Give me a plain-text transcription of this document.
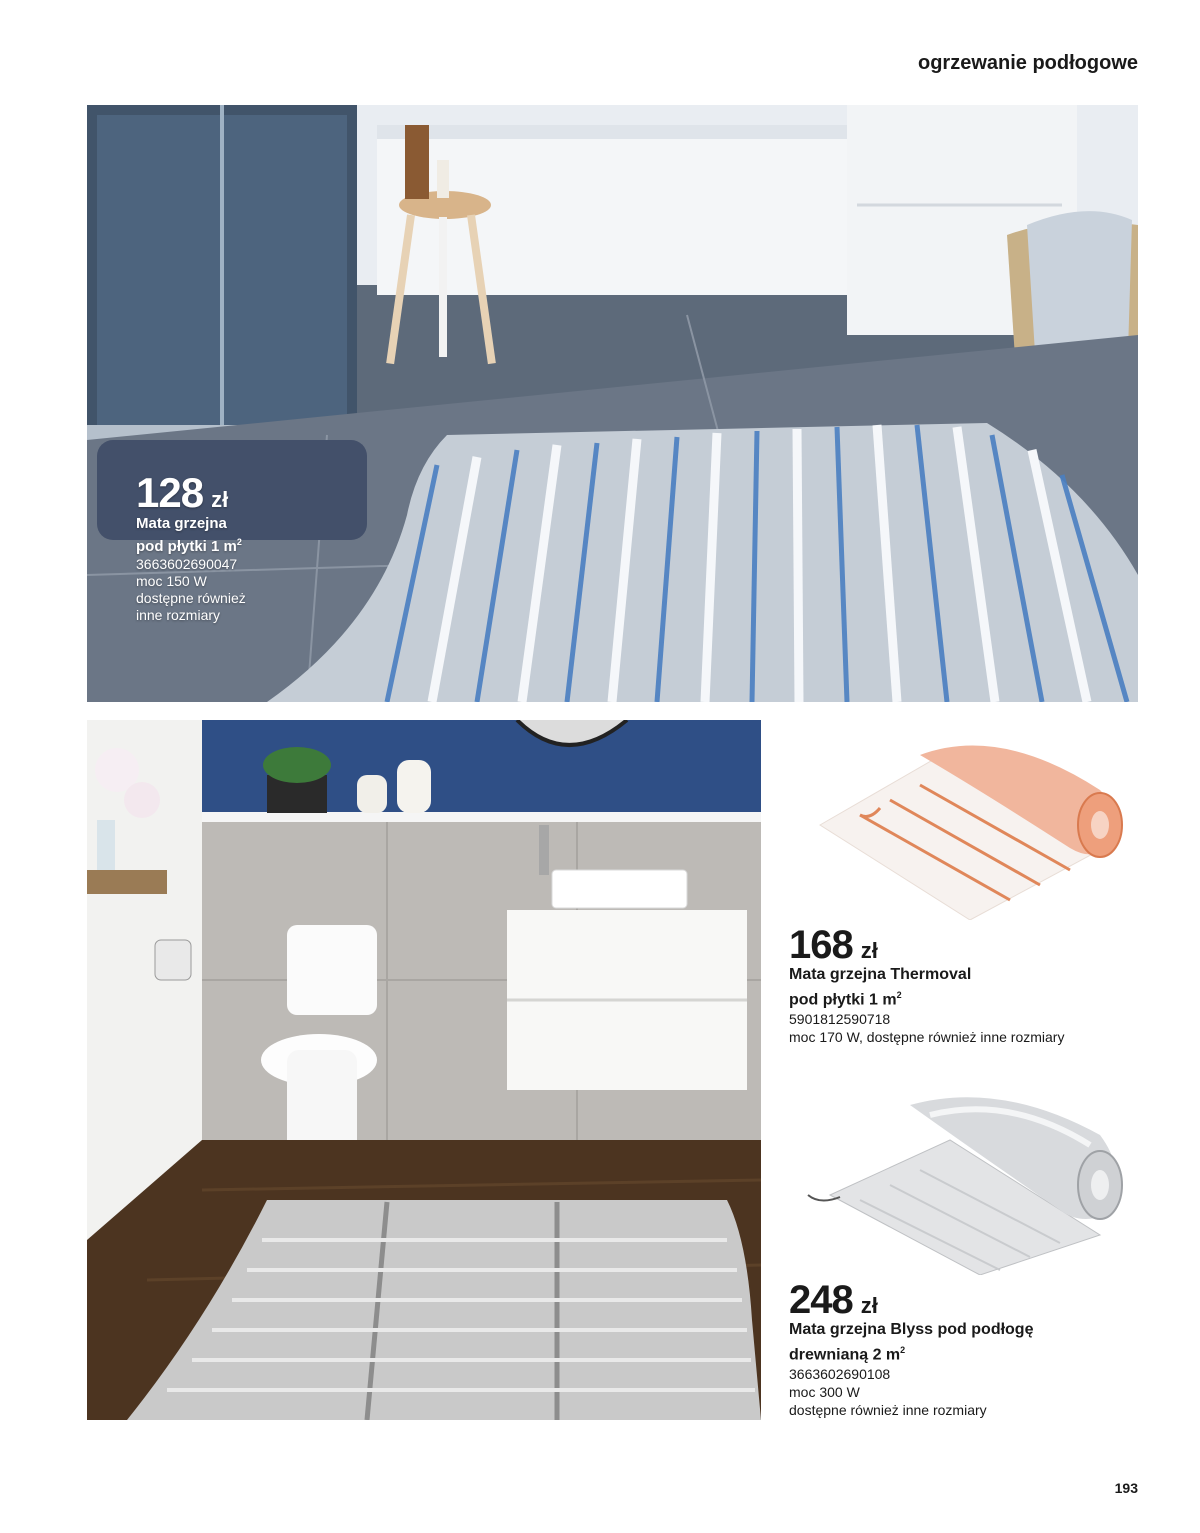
ogrzewanie podłogowe
128 zł
Mata grzejna
pod płytki 1 $m^2$
3663602690047
moc 150 W
dostępne również
inne rozmiary
168 zł
Mata grzejna Thermoval
pod płytki 1 $m^2$
5901812590718
moc 170 W, dostępne również inne rozmiary
248 zł
Mata grzejna Blyss pod podłogę
drewnianą 2 $m^2$
3663602690108
moc 300 W
dostępne również inne rozmiary
193
